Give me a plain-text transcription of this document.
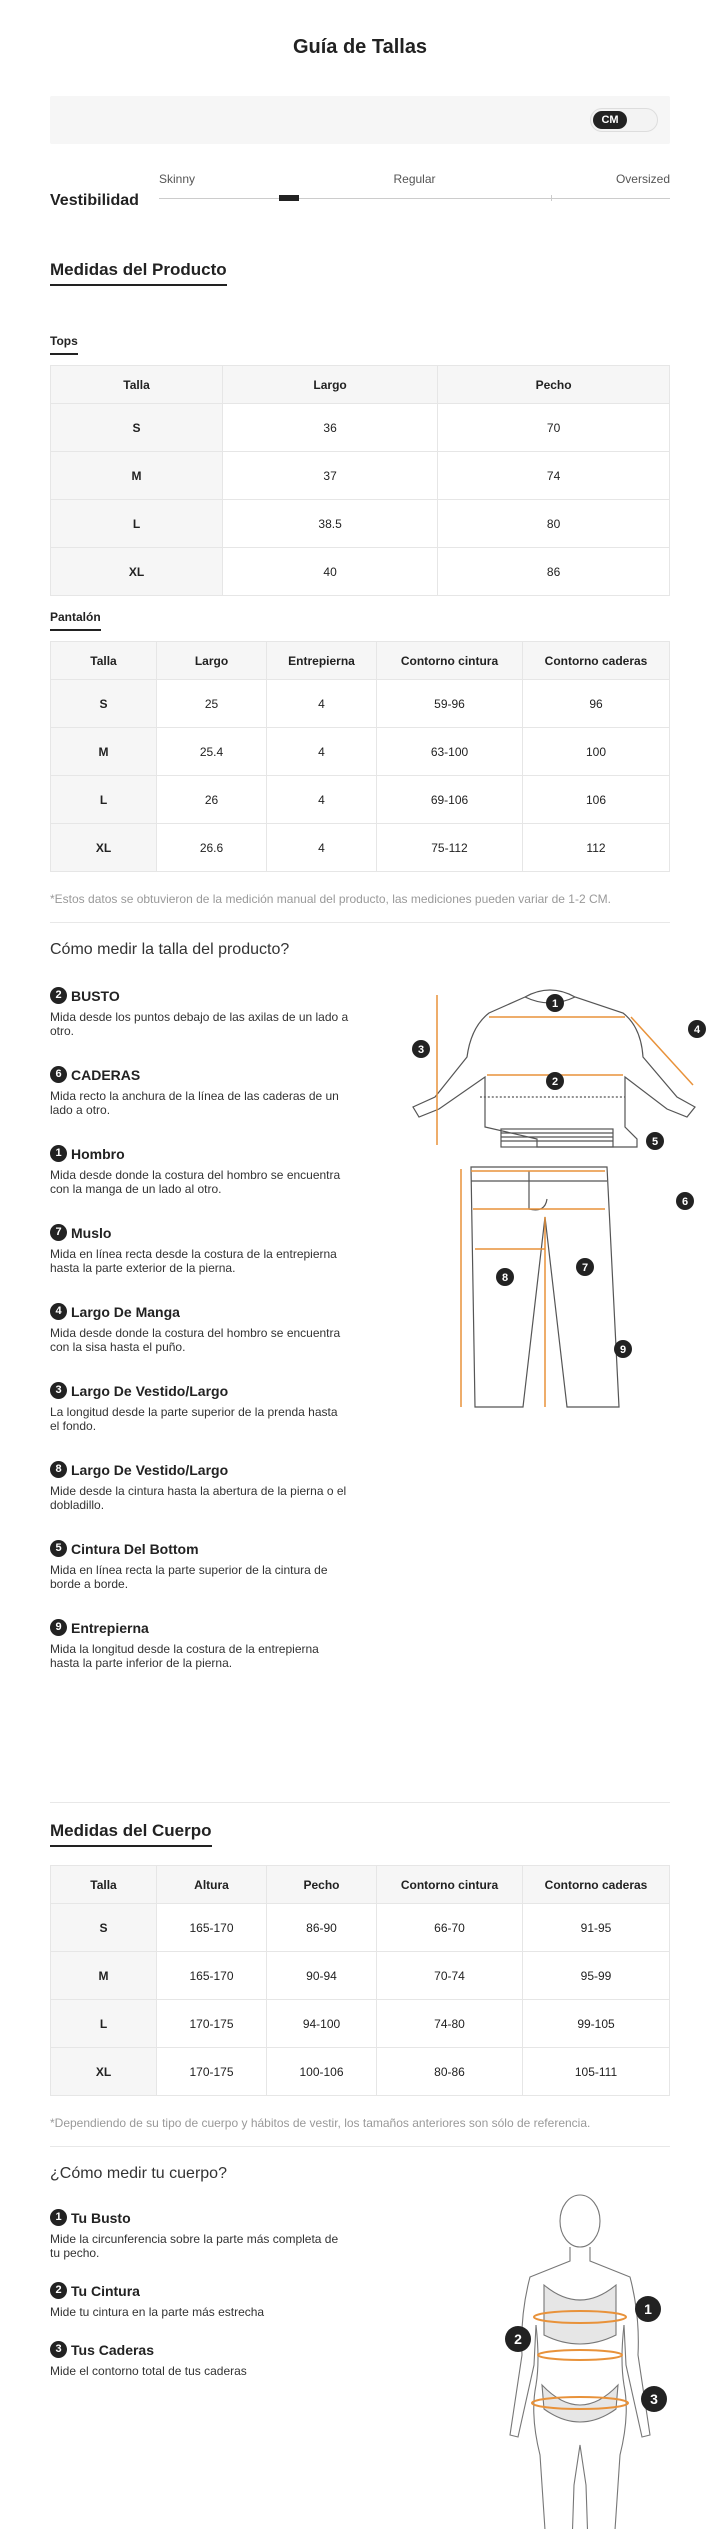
Guía de Tallas
CM
Vestibilidad
Skinny	Regular	Oversized
Medidas del Producto
Tops
Talla	Largo	Pecho
S	36	70
M	37	74
L	38.5	80
XL	40	86
Pantalón
Talla	Largo	Entrepierna	Contorno cintura	Contorno caderas
S	25	4	59-96	96
M	25.4	4	63-100	100
L	26	4	69-106	106
XL	26.6	4	75-112	112
*Estos datos se obtuvieron de la medición manual del producto, las mediciones pueden variar de 1-2 CM.
Cómo medir la talla del producto?
2 BUSTO
Mida desde los puntos debajo de las axilas de un lado a otro.
6 CADERAS
Mida recto la anchura de la línea de las caderas de un lado a otro.
1 Hombro
Mida desde donde la costura del hombro se encuentra con la manga de un lado al otro.
7 Muslo
Mida en línea recta desde la costura de la entrepierna hasta la parte exterior de la pierna.
4 Largo De Manga
Mida desde donde la costura del hombro se encuentra con la sisa hasta el puño.
3 Largo De Vestido/Largo
La longitud desde la parte superior de la prenda hasta el fondo.
8 Largo De Vestido/Largo
Mide desde la cintura hasta la abertura de la pierna o el dobladillo.
5 Cintura Del Bottom
Mida en línea recta la parte superior de la cintura de borde a borde.
9 Entrepierna
Mida la longitud desde la costura de la entrepierna hasta la parte inferior de la pierna.
1
2
3
4
5
6
7
8
9
Medidas del Cuerpo
Talla	Altura	Pecho	Contorno cintura	Contorno caderas
S	165-170	86-90	66-70	91-95
M	165-170	90-94	70-74	95-99
L	170-175	94-100	74-80	99-105
XL	170-175	100-106	80-86	105-111
*Dependiendo de su tipo de cuerpo y hábitos de vestir, los tamaños anteriores son sólo de referencia.
¿Cómo medir tu cuerpo?
1 Tu Busto
Mide la circunferencia sobre la parte más completa de tu pecho.
2 Tu Cintura
Mide tu cintura en la parte más estrecha
3 Tus Caderas
Mide el contorno total de tus caderas
1
2
3
